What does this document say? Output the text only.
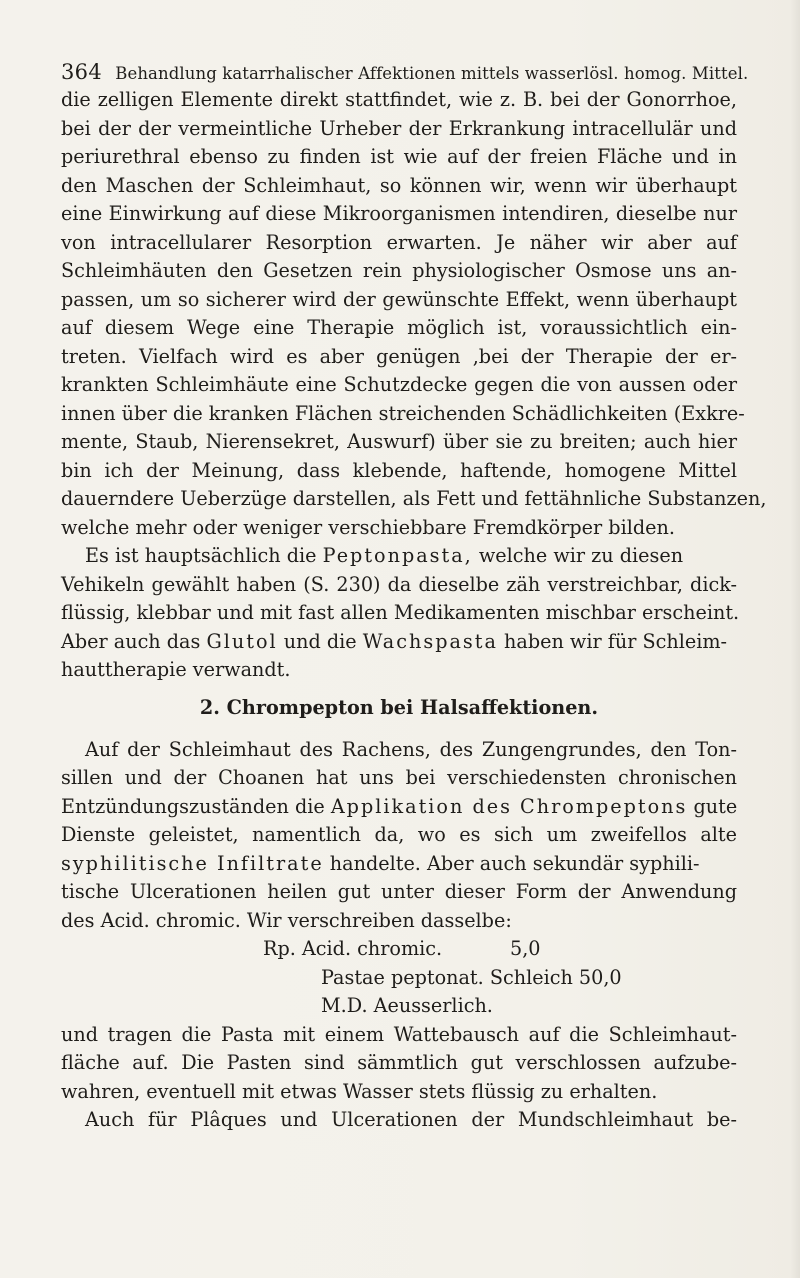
364 Behandlung katarrhalischer Affektionen mittels wasserlösl. homog. Mittel.
die zelligen Elemente direkt stattfindet, wie z. B. bei der Gonorrhoe,
bei der der vermeintliche Urheber der Erkrankung intracellulär und
periurethral ebenso zu finden ist wie auf der freien Fläche und in
den Maschen der Schleimhaut, so können wir, wenn wir überhaupt
eine Einwirkung auf diese Mikroorganismen intendiren, dieselbe nur
von intracellularer Resorption erwarten. Je näher wir aber auf
Schleimhäuten den Gesetzen rein physiologischer Osmose uns an-
passen, um so sicherer wird der gewünschte Effekt, wenn überhaupt
auf diesem Wege eine Therapie möglich ist, voraussichtlich ein-
treten. Vielfach wird es aber genügen ,bei der Therapie der er-
krankten Schleimhäute eine Schutzdecke gegen die von aussen oder
innen über die kranken Flächen streichenden Schädlichkeiten (Exkre-
mente, Staub, Nierensekret, Auswurf) über sie zu breiten; auch hier
bin ich der Meinung, dass klebende, haftende, homogene Mittel
dauerndere Ueberzüge darstellen, als Fett und fettähnliche Substanzen,
welche mehr oder weniger verschiebbare Fremdkörper bilden.
Es ist hauptsächlich die Peptonpasta, welche wir zu diesen
Vehikeln gewählt haben (S. 230) da dieselbe zäh verstreichbar, dick-
flüssig, klebbar und mit fast allen Medikamenten mischbar erscheint.
Aber auch das Glutol und die Wachspasta haben wir für Schleim-
hauttherapie verwandt.
2. Chrompepton bei Halsaffektionen.
Auf der Schleimhaut des Rachens, des Zungengrundes, den Ton-
sillen und der Choanen hat uns bei verschiedensten chronischen
Entzündungszuständen die Applikation des Chrompeptons gute
Dienste geleistet, namentlich da, wo es sich um zweifellos alte
syphilitische Infiltrate handelte. Aber auch sekundär syphili-
tische Ulcerationen heilen gut unter dieser Form der Anwendung
des Acid. chromic. Wir verschreiben dasselbe:
Rp. Acid. chromic.	5,0
Pastae peptonat. Schleich 50,0
M.D. Aeusserlich.
und tragen die Pasta mit einem Wattebausch auf die Schleimhaut-
fläche auf. Die Pasten sind sämmtlich gut verschlossen aufzube-
wahren, eventuell mit etwas Wasser stets flüssig zu erhalten.
Auch für Plâques und Ulcerationen der Mundschleimhaut be-
